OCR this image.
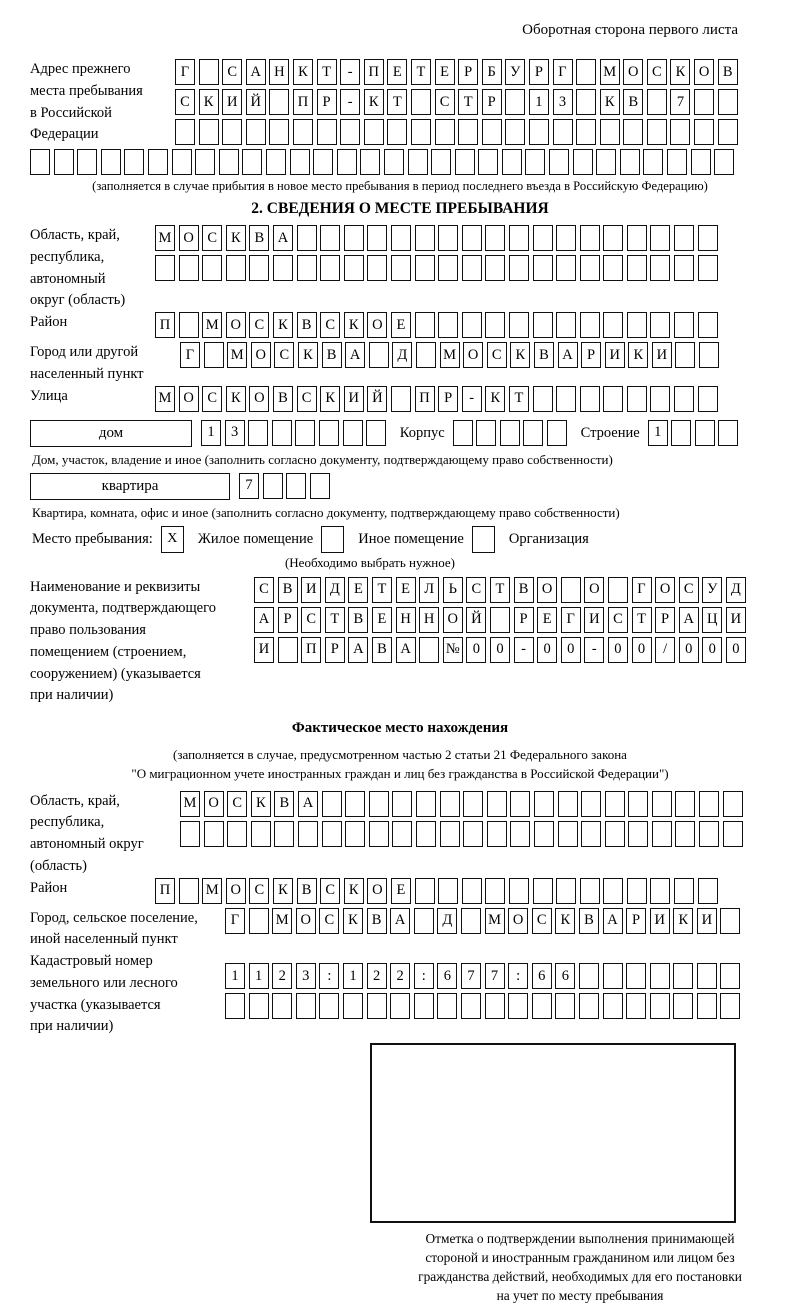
Оборотная сторона первого листа
Адрес прежнего
места пребывания
в Российской
Федерации
Г	С А Н К Т	-	П Е	Т	Е	Р	Б У Р	Г	М О С К О В
С К И Й	П Р	-	К Т	С Т	Р	1	3	К В	7
(заполняется в случае прибытия в новое место пребывания в период последнего въезда в Российскую Федерацию)
2. СВЕДЕНИЯ О МЕСТЕ ПРЕБЫВАНИЯ
Область, край,
республика,
автономный
округ (область)
М О С К В А
Район	П	М О С К В С К О Е
Город или другой
населенный пункт
Г	М О С К В А	Д	М О С К В А Р И К И
Улица	М О С К О В С К И Й	П Р	-	К Т
дом	1	3	Корпус	Строение 1
Дом, участок, владение и иное (заполнить согласно документу, подтверждающему право собственности)
квартира	7
Квартира, комната, офис и иное (заполнить согласно документу, подтверждающему право собственности)
Место пребывания:	X	Жилое помещение	Иное помещение	Организация
(Необходимо выбрать нужное)
Наименование и реквизиты
документа, подтверждающего
право пользования
помещением (строением,
сооружением) (указывается
при наличии)
С В И Д Е	Т	Е Л	Ь	С Т В О	О	Г О С У Д
А Р	С Т В Е Н Н О Й	Р	Е	Г И С Т	Р А Ц И
И	П Р А В А	№ 0	0	-	0	0	-	0	0	/	0	0	0
Фактическое место нахождения
(заполняется в случае, предусмотренном частью 2 статьи 21 Федерального закона
"О миграционном учете иностранных граждан и лиц без гражданства в Российской Федерации")
Область, край,
республика,
автономный округ
(область)
М О С К В А
Район	П	М О С К В С К О Е
Город, сельское поселение,
иной населенный пункт
Г	М О С К В А	Д	М О С К В А Р И К И
Кадастровый номер
земельного или лесного
участка (указывается
при наличии)
1	1	2	3	:	1	2	2	:	6	7	7	:	6	6
Отметка о подтверждении выполнения принимающей
стороной и иностранным гражданином или лицом без
гражданства действий, необходимых для его постановки
на учет по месту пребывания
